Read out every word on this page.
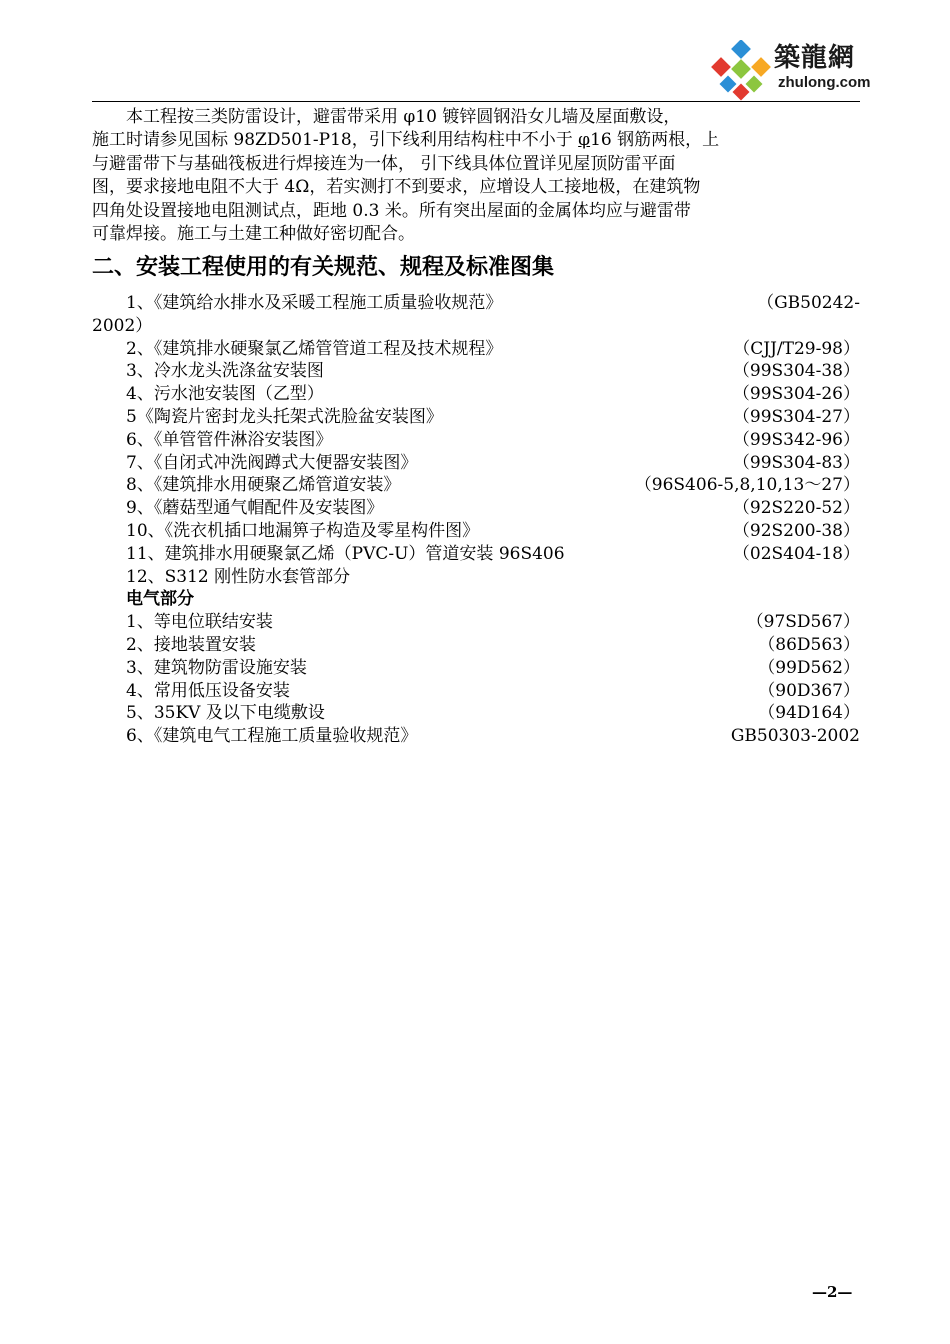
築龍網
zhulong.com

本工程按三类防雷设计，避雷带采用 φ10 镀锌圆钢沿女儿墙及屋面敷设，

施工时请参见国标 98ZD501-P18，引下线利用结构柱中不小于 φ16 钢筋两根，上

与避雷带下与基础筏板进行焊接连为一体， 引下线具体位置详见屋顶防雷平面

图，要求接地电阻不大于 4Ω，若实测打不到要求，应增设人工接地极，在建筑物

四角处设置接地电阻测试点，距地 0.3 米。所有突出屋面的金属体均应与避雷带

可靠焊接。施工与土建工种做好密切配合。

二、安装工程使用的有关规范、规程及标准图集
1、《建筑给水排水及采暖工程施工质量验收规范》	（GB50242-
2002）
2、《建筑排水硬聚氯乙烯管管道工程及技术规程》	（CJJ/T29-98）
3、冷水龙头洗涤盆安装图	（99S304-38）
4、污水池安装图（乙型）	（99S304-26）
5《陶瓷片密封龙头托架式洗脸盆安装图》	（99S304-27）
6、《单管管件淋浴安装图》	（99S342-96）
7、《自闭式冲洗阀蹲式大便器安装图》	（99S304-83）
8、《建筑排水用硬聚乙烯管道安装》	（96S406-5,8,10,13～27）
9、《蘑菇型通气帽配件及安装图》	（92S220-52）
10、《洗衣机插口地漏箅子构造及零星构件图》	（92S200-38）
11、建筑排水用硬聚氯乙烯（PVC-U）管道安装 96S406	（02S404-18）
12、S312 刚性防水套管部分
电气部分
1、等电位联结安装	（97SD567）
2、接地装置安装	（86D563）
3、建筑物防雷设施安装	（99D562）
4、常用低压设备安装	（90D367）
5、35KV 及以下电缆敷设	（94D164）
6、《建筑电气工程施工质量验收规范》	GB50303-2002
—2—
